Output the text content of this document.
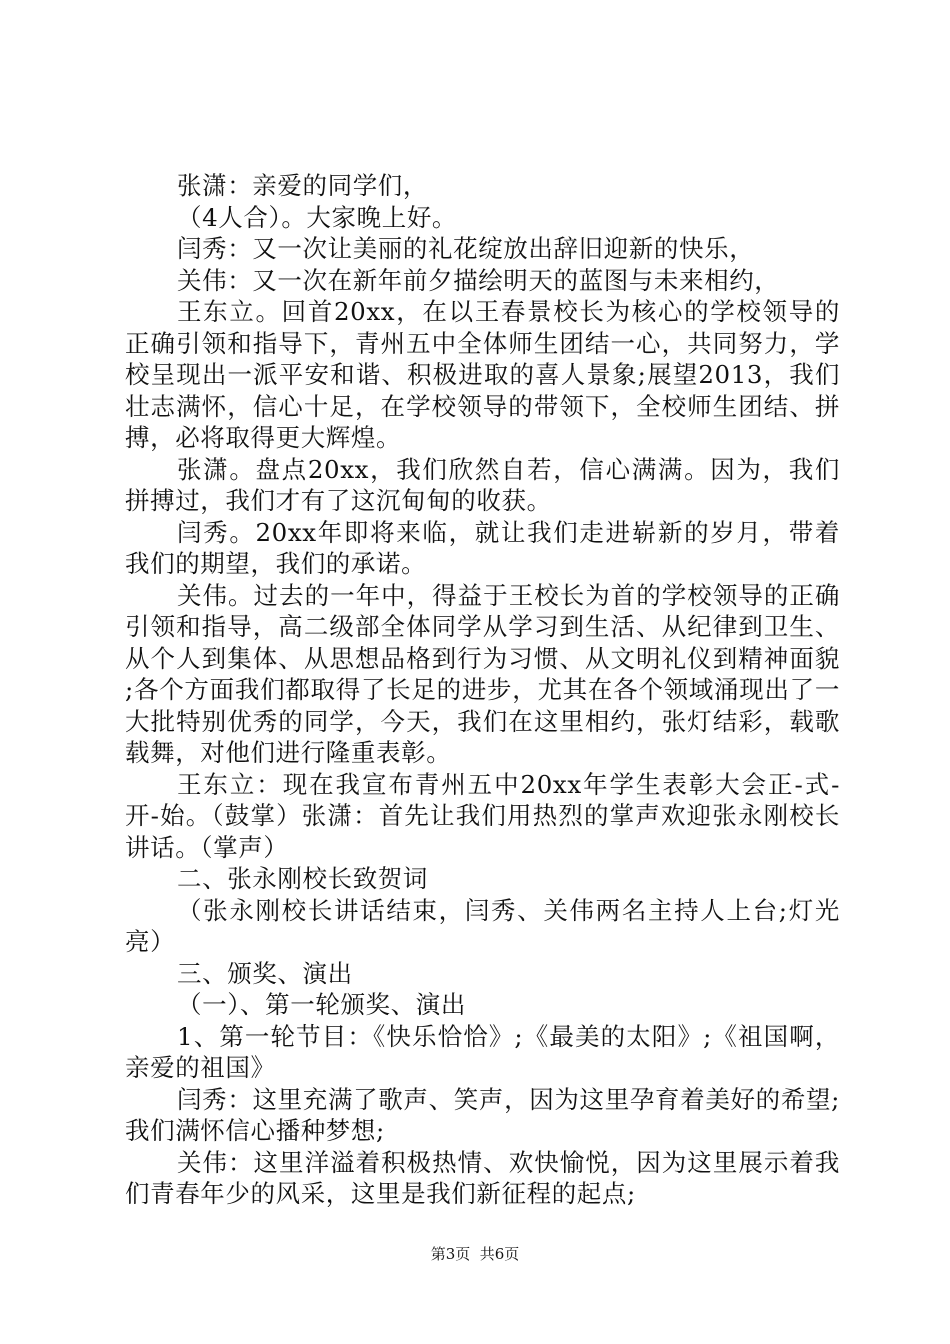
张潇：亲爱的同学们，

（4人合）。大家晚上好。

闫秀：又一次让美丽的礼花绽放出辞旧迎新的快乐，

关伟：又一次在新年前夕描绘明天的蓝图与未来相约，

王东立。回首20xx，在以王春景校长为核心的学校领导的正确引领和指导下，青州五中全体师生团结一心，共同努力，学校呈现出一派平安和谐、积极进取的喜人景象;展望2013，我们壮志满怀，信心十足，在学校领导的带领下，全校师生团结、拼搏，必将取得更大辉煌。

张潇。盘点20xx，我们欣然自若，信心满满。因为，我们拼搏过，我们才有了这沉甸甸的收获。

闫秀。20xx年即将来临，就让我们走进崭新的岁月，带着我们的期望，我们的承诺。

关伟。过去的一年中，得益于王校长为首的学校领导的正确引领和指导，高二级部全体同学从学习到生活、从纪律到卫生、从个人到集体、从思想品格到行为习惯、从文明礼仪到精神面貌 ;各个方面我们都取得了长足的进步，尤其在各个领域涌现出了一大批特别优秀的同学，今天，我们在这里相约，张灯结彩，载歌载舞，对他们进行隆重表彰。

王东立：现在我宣布青州五中20xx年学生表彰大会正-式-开-始。（鼓掌）张潇：首先让我们用热烈的掌声欢迎张永刚校长讲话。（掌声）

二、张永刚校长致贺词

（张永刚校长讲话结束，闫秀、关伟两名主持人上台;灯光亮）

三、颁奖、演出

（一）、第一轮颁奖、演出

1、第一轮节目：《快乐恰恰》;《最美的太阳》;《祖国啊，亲爱的祖国》

闫秀：这里充满了歌声、笑声，因为这里孕育着美好的希望;我们满怀信心播种梦想;

关伟：这里洋溢着积极热情、欢快愉悦，因为这里展示着我们青春年少的风采，这里是我们新征程的起点;

第3页  共6页
